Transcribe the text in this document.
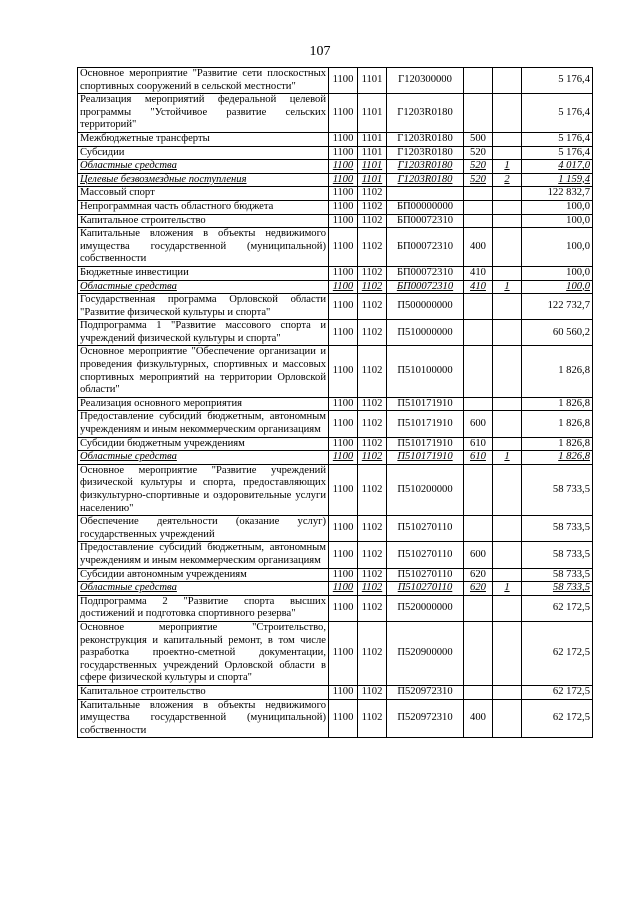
107
Основное мероприятие "Развитие сети плоскостных спортивных сооружений в сельской местности"	1100	1101	Г120300000			5 176,4
Реализация мероприятий федеральной целевой программы "Устойчивое развитие сельских территорий"	1100	1101	Г1203R0180			5 176,4
Межбюджетные трансферты	1100	1101	Г1203R0180	500		5 176,4
Субсидии	1100	1101	Г1203R0180	520		5 176,4
Областные средства	1100	1101	Г1203R0180	520	1	4 017,0
Целевые безвозмездные поступления	1100	1101	Г1203R0180	520	2	1 159,4
Массовый спорт	1100	1102				122 832,7
Непрограммная часть областного бюджета	1100	1102	БП00000000			100,0
Капитальное строительство	1100	1102	БП00072310			100,0
Капитальные вложения в объекты недвижимого имущества государственной (муниципальной) собственности	1100	1102	БП00072310	400		100,0
Бюджетные инвестиции	1100	1102	БП00072310	410		100,0
Областные средства	1100	1102	БП00072310	410	1	100,0
Государственная программа Орловской области "Развитие физической культуры и спорта"	1100	1102	П500000000			122 732,7
Подпрограмма 1 "Развитие массового спорта и учреждений физической культуры и спорта"	1100	1102	П510000000			60 560,2
Основное мероприятие "Обеспечение организации и проведения физкультурных, спортивных и массовых спортивных мероприятий на территории Орловской области"	1100	1102	П510100000			1 826,8
Реализация основного мероприятия	1100	1102	П510171910			1 826,8
Предоставление субсидий бюджетным, автономным учреждениям и иным некоммерческим организациям	1100	1102	П510171910	600		1 826,8
Субсидии бюджетным учреждениям	1100	1102	П510171910	610		1 826,8
Областные средства	1100	1102	П510171910	610	1	1 826,8
Основное мероприятие "Развитие учреждений физической культуры и спорта, предоставляющих физкультурно-спортивные и оздоровительные услуги населению"	1100	1102	П510200000			58 733,5
Обеспечение деятельности (оказание услуг) государственных учреждений	1100	1102	П510270110			58 733,5
Предоставление субсидий бюджетным, автономным учреждениям и иным некоммерческим организациям	1100	1102	П510270110	600		58 733,5
Субсидии автономным учреждениям	1100	1102	П510270110	620		58 733,5
Областные средства	1100	1102	П510270110	620	1	58 733,5
Подпрограмма 2 "Развитие спорта высших достижений и подготовка спортивного резерва"	1100	1102	П520000000			62 172,5
Основное мероприятие "Строительство, реконструкция и капитальный ремонт, в том числе разработка проектно-сметной документации, государственных учреждений Орловской области в сфере физической культуры и спорта"	1100	1102	П520900000			62 172,5
Капитальное строительство	1100	1102	П520972310			62 172,5
Капитальные вложения в объекты недвижимого имущества государственной (муниципальной) собственности	1100	1102	П520972310	400		62 172,5
